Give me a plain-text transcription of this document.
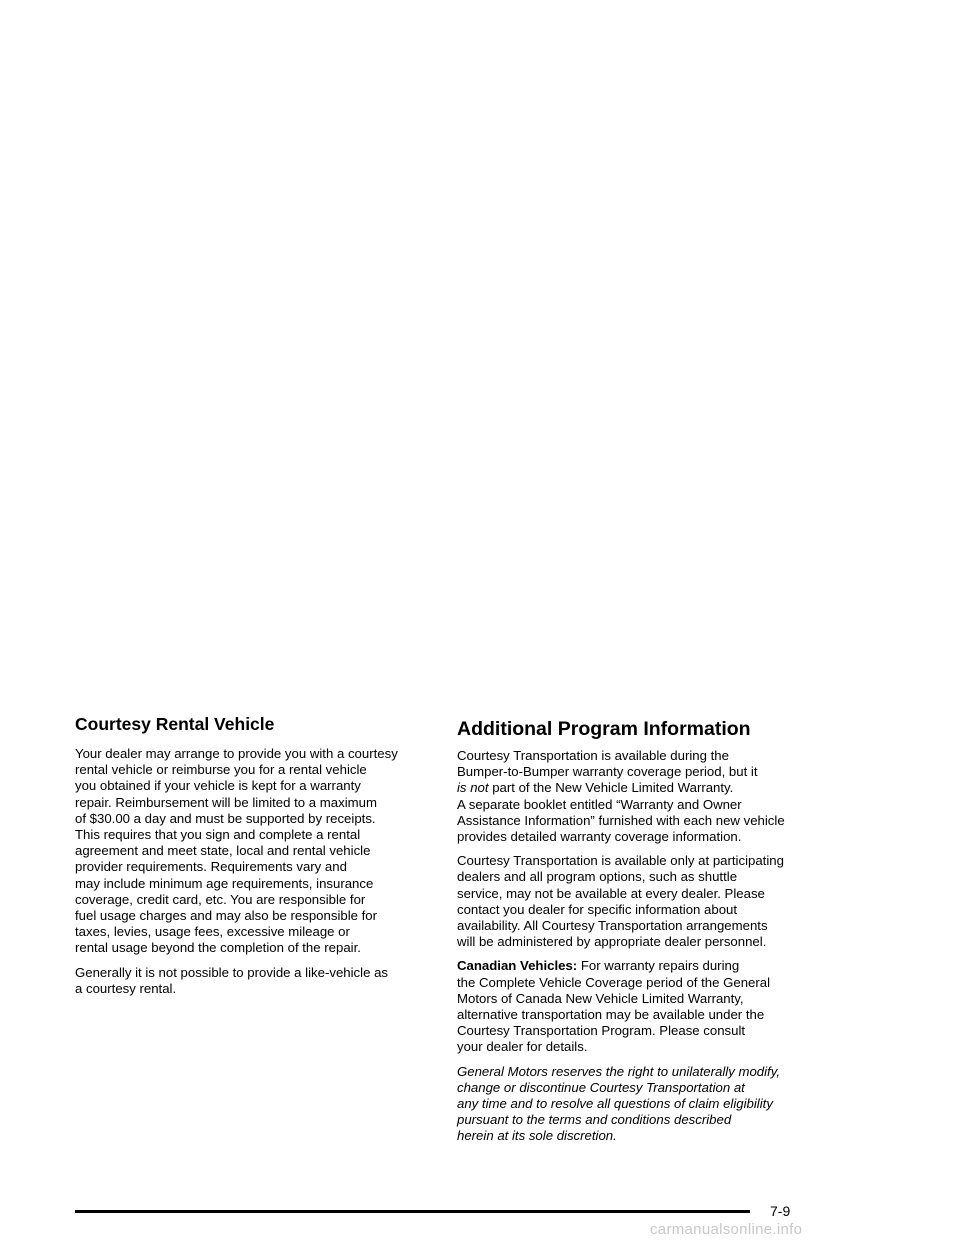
Courtesy Rental Vehicle

Your dealer may arrange to provide you with a courtesy
rental vehicle or reimburse you for a rental vehicle
you obtained if your vehicle is kept for a warranty
repair. Reimbursement will be limited to a maximum
of $30.00 a day and must be supported by receipts.
This requires that you sign and complete a rental
agreement and meet state, local and rental vehicle
provider requirements. Requirements vary and
may include minimum age requirements, insurance
coverage, credit card, etc. You are responsible for
fuel usage charges and may also be responsible for
taxes, levies, usage fees, excessive mileage or
rental usage beyond the completion of the repair.

Generally it is not possible to provide a like-vehicle as
a courtesy rental.

Additional Program Information

Courtesy Transportation is available during the
Bumper-to-Bumper warranty coverage period, but it
is not part of the New Vehicle Limited Warranty.
A separate booklet entitled “Warranty and Owner
Assistance Information” furnished with each new vehicle
provides detailed warranty coverage information.

Courtesy Transportation is available only at participating
dealers and all program options, such as shuttle
service, may not be available at every dealer. Please
contact you dealer for specific information about
availability. All Courtesy Transportation arrangements
will be administered by appropriate dealer personnel.

Canadian Vehicles: For warranty repairs during
the Complete Vehicle Coverage period of the General
Motors of Canada New Vehicle Limited Warranty,
alternative transportation may be available under the
Courtesy Transportation Program. Please consult
your dealer for details.

General Motors reserves the right to unilaterally modify,
change or discontinue Courtesy Transportation at
any time and to resolve all questions of claim eligibility
pursuant to the terms and conditions described
herein at its sole discretion.

7-9
carmanualsonline.info
